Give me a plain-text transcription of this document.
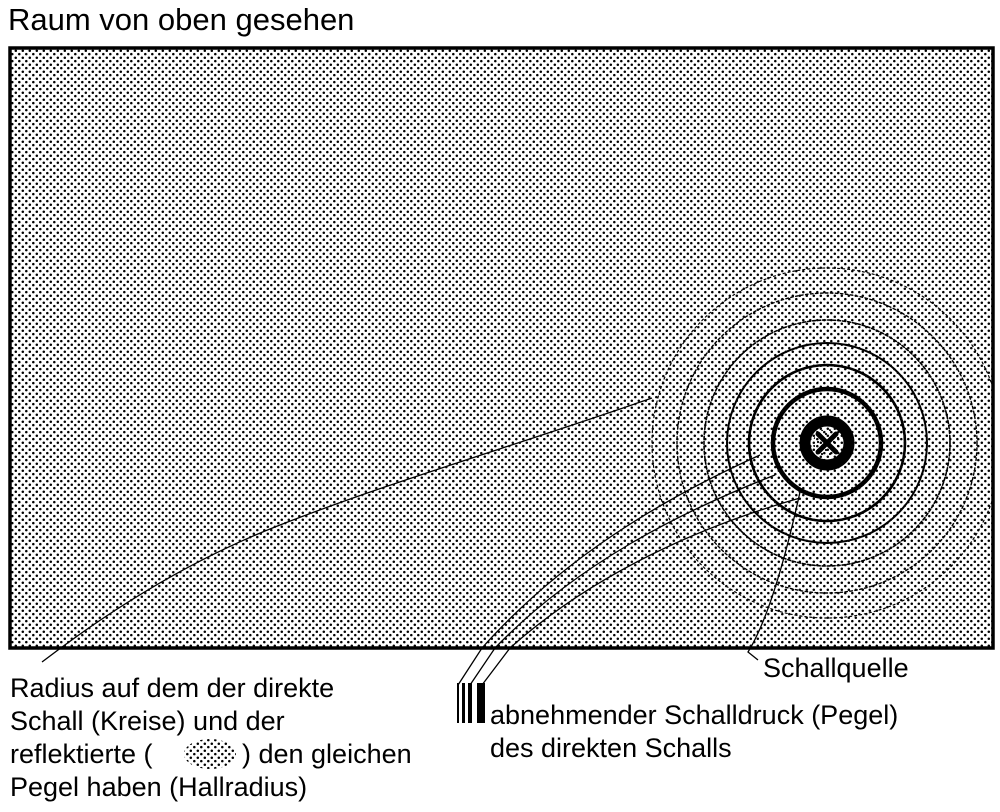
Raum von oben gesehen
Radius auf dem der direkte
Schall (Kreise) und der
reflektierte (	) den gleichen
Pegel haben (Hallradius)
Schallquelle
abnehmender Schalldruck (Pegel)
des direkten Schalls
